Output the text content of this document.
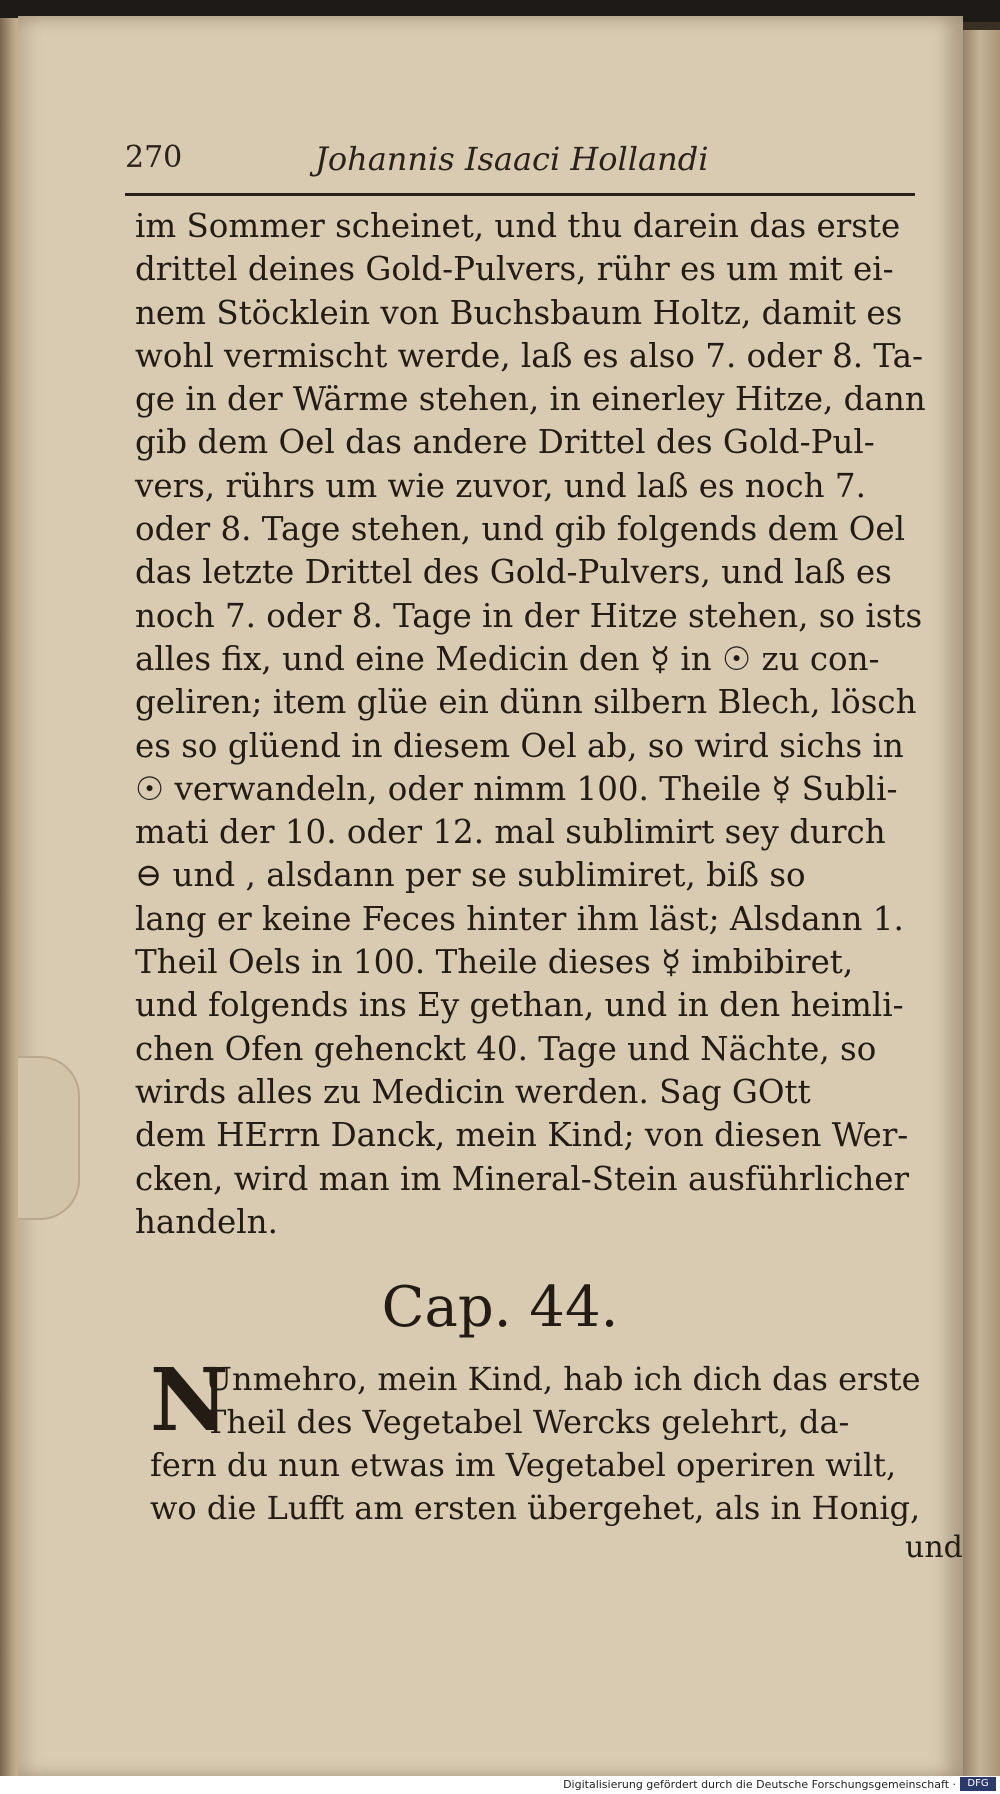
270	Johannis Isaaci Hollandi
im Sommer scheinet, und thu darein das erste
drittel deines Gold-Pulvers, rühr es um mit ei-
nem Stöcklein von Buchsbaum Holtz, damit es
wohl vermischt werde, laß es also 7. oder 8. Ta-
ge in der Wärme stehen, in einerley Hitze, dann
gib dem Oel das andere Drittel des Gold-Pul-
vers, rührs um wie zuvor, und laß es noch 7.
oder 8. Tage stehen, und gib folgends dem Oel
das letzte Drittel des Gold-Pulvers, und laß es
noch 7. oder 8. Tage in der Hitze stehen, so ists
alles fix, und eine Medicin den ☿ in ☉ zu con-
geliren; item glüe ein dünn silbern Blech, lösch
es so glüend in diesem Oel ab, so wird sichs in
☉ verwandeln, oder nimm 100. Theile ☿ Subli-
mati der 10. oder 12. mal sublimirt sey durch
⊖ und , alsdann per se sublimiret, biß so
lang er keine Feces hinter ihm läst; Alsdann 1.
Theil Oels in 100. Theile dieses ☿ imbibiret,
und folgends ins Ey gethan, und in den heimli-
chen Ofen gehenckt 40. Tage und Nächte, so
wirds alles zu Medicin werden. Sag GOtt
dem HErrn Danck, mein Kind; von diesen Wer-
cken, wird man im Mineral-Stein ausführlicher
handeln.
Cap. 44.
N
Unmehro, mein Kind, hab ich dich das erste
Theil des Vegetabel Wercks gelehrt, da-
fern du nun etwas im Vegetabel operiren wilt,
wo die Lufft am ersten übergehet, als in Honig,
und
Digitalisierung gefördert durch die Deutsche Forschungsgemeinschaft ·	DFG
